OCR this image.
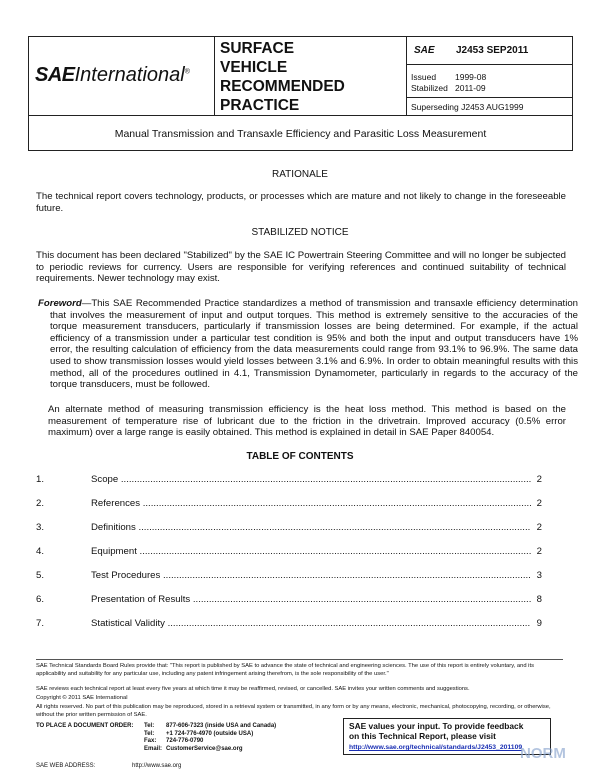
SAEInternational®
SURFACE
VEHICLE
RECOMMENDED
PRACTICE
SAE J2453 SEP2011
Issued 1999-08
Stabilized 2011-09
Superseding J2453 AUG1999
Manual Transmission and Transaxle Efficiency and Parasitic Loss Measurement
RATIONALE
The technical report covers technology, products, or processes which are mature and not likely to change in the foreseeable future.
STABILIZED NOTICE
This document has been declared "Stabilized" by the SAE IC Powertrain Steering Committee and will no longer be subjected to periodic reviews for currency. Users are responsible for verifying references and continued suitability of technical requirements. Newer technology may exist.
Foreword—This SAE Recommended Practice standardizes a method of transmission and transaxle efficiency determination that involves the measurement of input and output torques. This method is extremely sensitive to the accuracies of the torque measurement transducers, particularly if transmission losses are being determined. For example, if the actual efficiency of a transmission under a particular test condition is 95% and both the input and output transducers have 1% error, the resulting calculation of efficiency from the data measurements could range from 93.1% to 96.9%. The same data used to show transmission losses would yield losses between 3.1% and 6.9%. In order to obtain meaningful results with this method, all of the procedures outlined in 4.1, Transmission Dynamometer, particularly in regards to the accuracy of the torque transducers, must be followed.
An alternate method of measuring transmission efficiency is the heat loss method. This method is based on the measurement of temperature rise of lubricant due to the friction in the drivetrain. Improved accuracy (0.5% error maximum) over a large range is easily obtained. This method is explained in detail in SAE Paper 840054.
TABLE OF CONTENTS
1.	Scope .....	2
2.	References .....	2
3.	Definitions .....	2
4.	Equipment .....	2
5.	Test Procedures .....	3
6.	Presentation of Results .....	8
7.	Statistical Validity .....	9
SAE Technical Standards Board Rules provide that: "This report is published by SAE to advance the state of technical and engineering sciences. The use of this report is entirely voluntary, and its applicability and suitability for any particular use, including any patent infringement arising therefrom, is the sole responsibility of the user."
SAE reviews each technical report at least every five years at which time it may be reaffirmed, revised, or cancelled. SAE invites your written comments and suggestions.
Copyright © 2011 SAE International
All rights reserved. No part of this publication may be reproduced, stored in a retrieval system or transmitted, in any form or by any means, electronic, mechanical, photocopying, recording, or otherwise, without the prior written permission of SAE.
TO PLACE A DOCUMENT ORDER:	Tel:	877-606-7323 (inside USA and Canada)
	Tel:	+1 724-776-4970 (outside USA)
	Fax:	724-776-0790
	Email:	CustomerService@sae.org
SAE WEB ADDRESS:	http://www.sae.org
SAE values your input. To provide feedback
on this Technical Report, please visit
http://www.sae.org/technical/standards/J2453_201109
NORM
